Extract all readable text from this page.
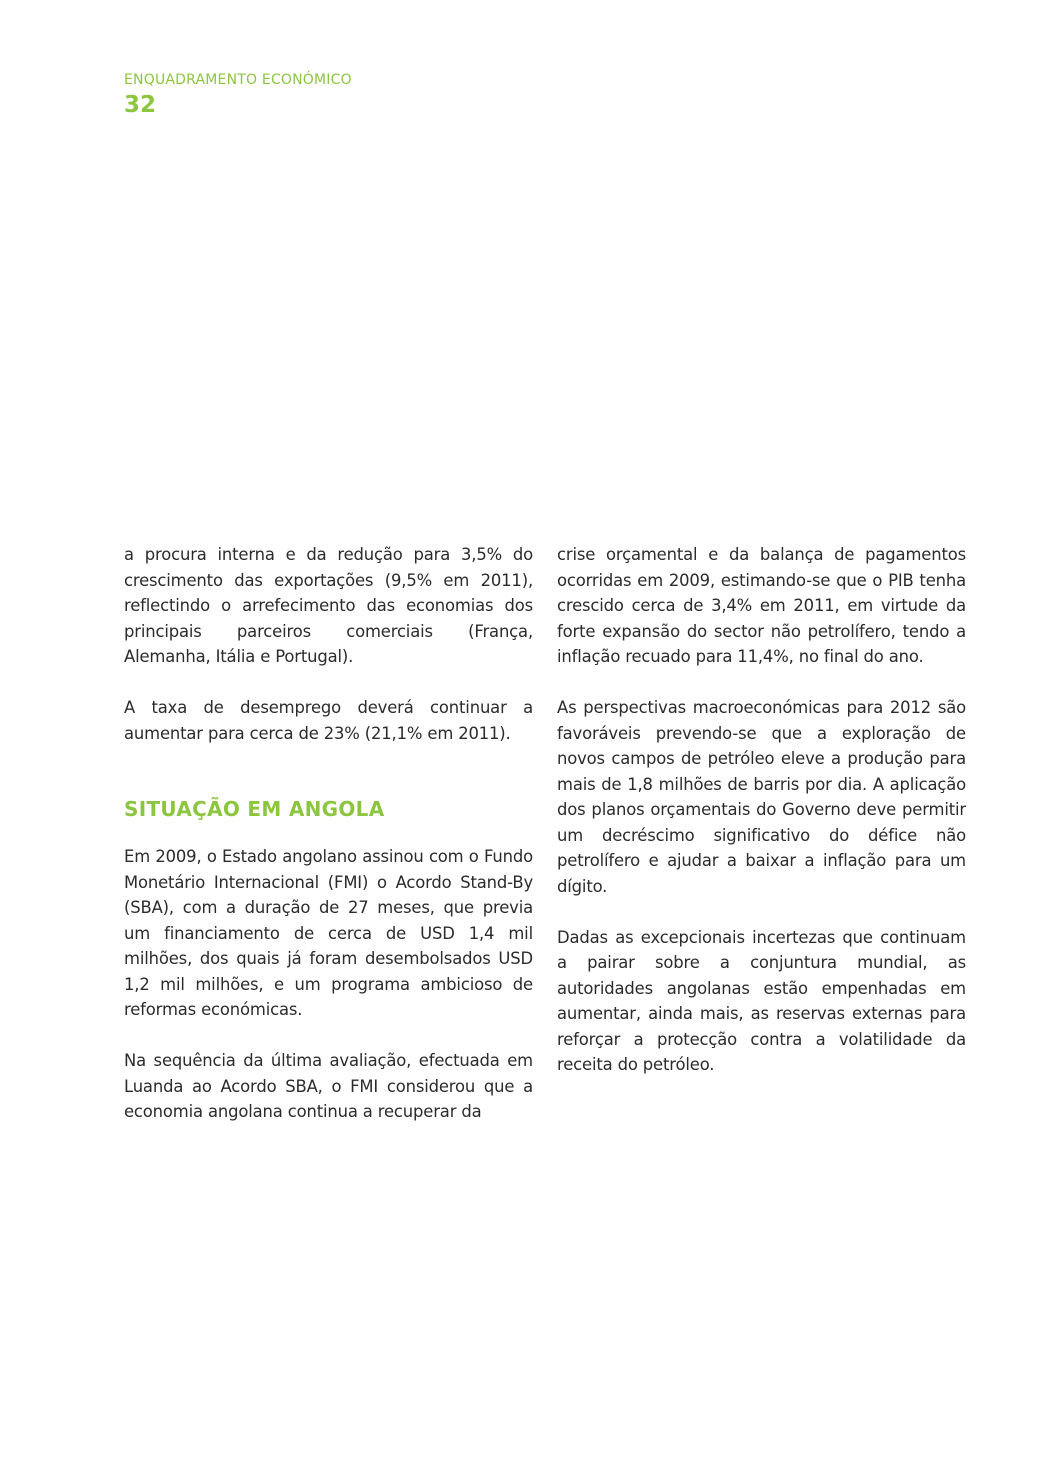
ENQUADRAMENTO ECONÓMICO
32

a procura interna e da redução para 3,5% do crescimento das exportações (9,5% em 2011), reflectindo o arrefecimento das economias dos principais parceiros comerciais (França, Alemanha, Itália e Portugal).

A taxa de desemprego deverá continuar a aumentar para cerca de 23% (21,1% em 2011).

SITUAÇÃO EM ANGOLA

Em 2009, o Estado angolano assinou com o Fundo Monetário Internacional (FMI) o Acordo Stand-By (SBA), com a duração de 27 meses, que previa um financiamento de cerca de USD 1,4 mil milhões, dos quais já foram desembolsados USD 1,2 mil milhões, e um programa ambicioso de reformas económicas.

Na sequência da última avaliação, efectuada em Luanda ao Acordo SBA, o FMI considerou que a economia angolana continua a recuperar da

crise orçamental e da balança de pagamentos ocorridas em 2009, estimando-se que o PIB tenha crescido cerca de 3,4% em 2011, em virtude da forte expansão do sector não petrolífero, tendo a inflação recuado para 11,4%, no final do ano.

As perspectivas macroeconómicas para 2012 são favoráveis prevendo-se que a exploração de novos campos de petróleo eleve a produção para mais de 1,8 milhões de barris por dia. A aplicação dos planos orçamentais do Governo deve permitir um decréscimo significativo do défice não petrolífero e ajudar a baixar a inflação para um dígito.

Dadas as excepcionais incertezas que continuam a pairar sobre a conjuntura mundial, as autoridades angolanas estão empenhadas em aumentar, ainda mais, as reservas externas para reforçar a protecção contra a volatilidade da receita do petróleo.
